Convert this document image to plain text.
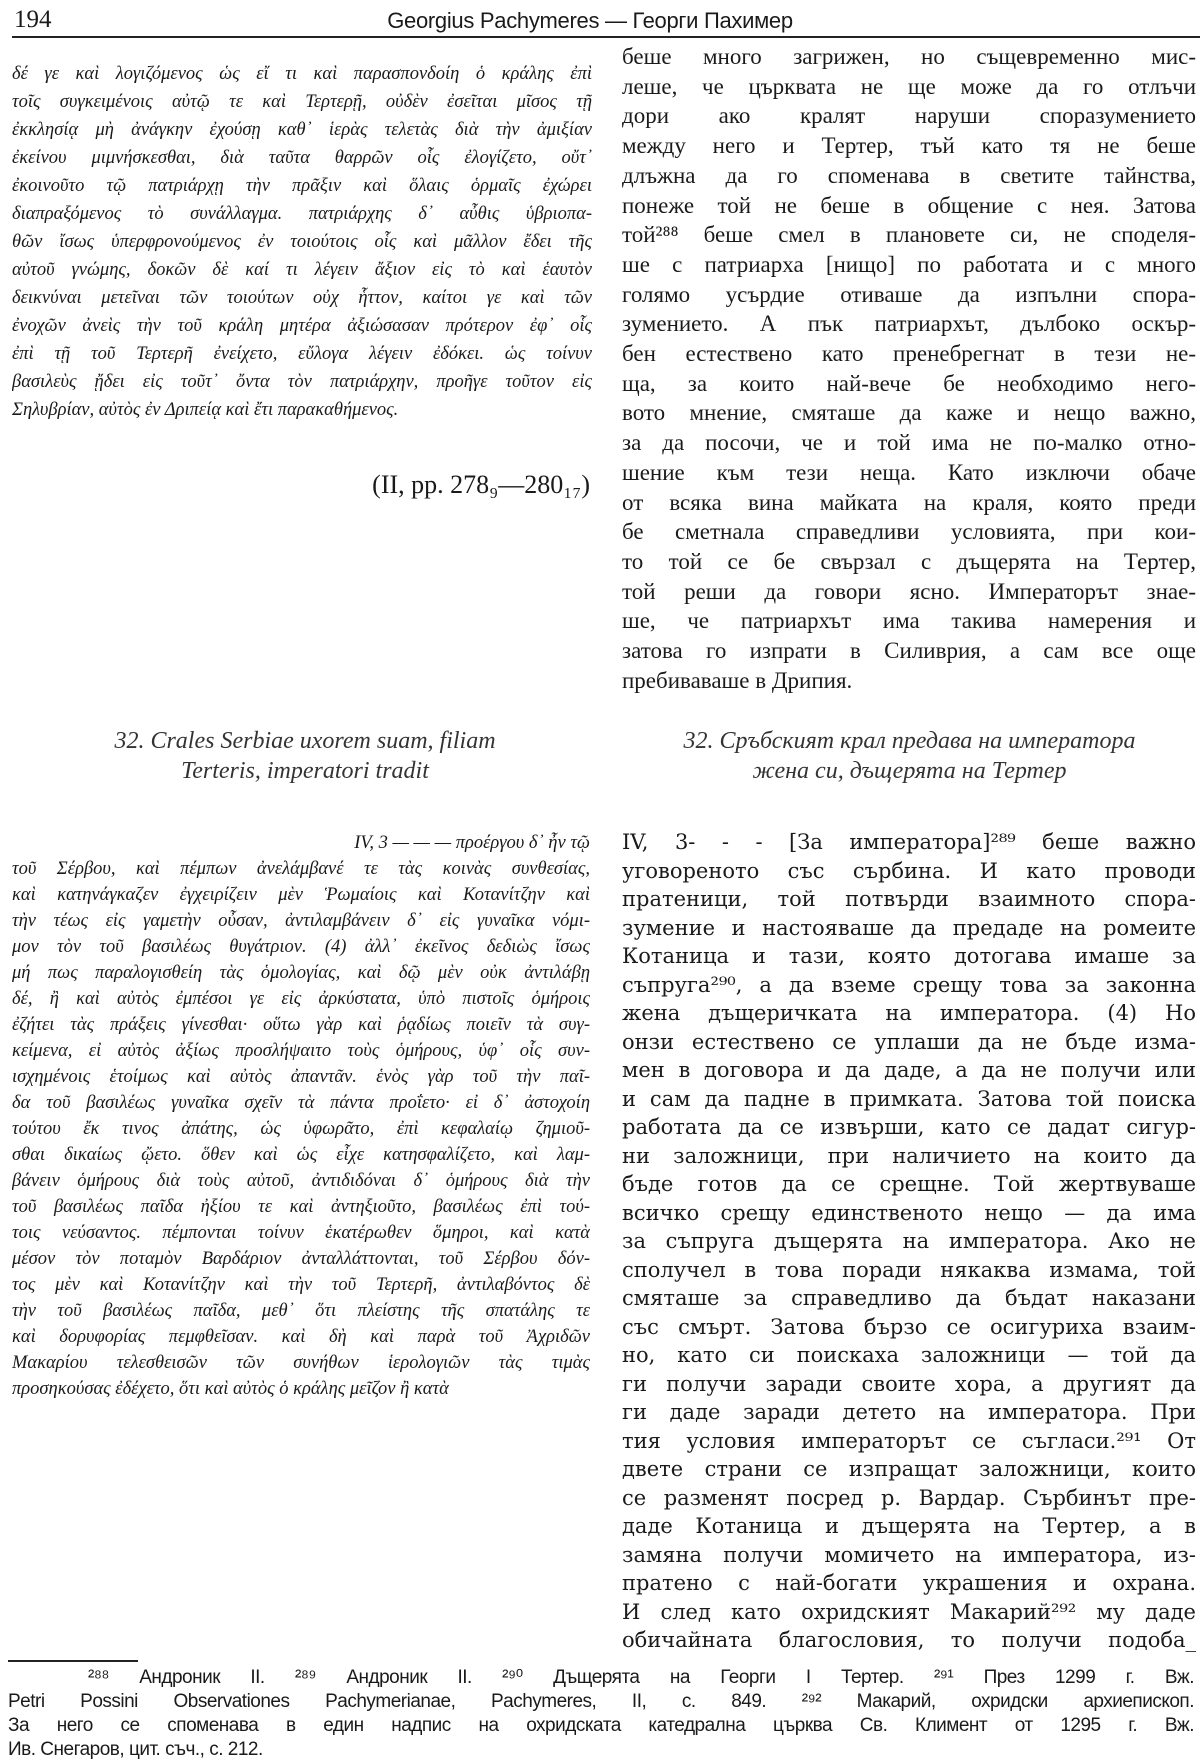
194	Georgius Pachymeres — Георги Пахимер
δέ γε καὶ λογιζόμενος ὡς εἴ τι καὶ παρασπονδοίη ὁ κράλης ἐπὶ
τοῖς συγκειμένοις αὐτῷ τε καὶ Τερτερῇ, οὐδὲν ἐσεῖται μῖσος τῇ
ἐκκλησίᾳ μὴ ἀνάγκην ἐχούσῃ καθ᾽ ἱερὰς τελετὰς διὰ τὴν ἀμιξίαν
ἐκείνου μιμνήσκεσθαι, διὰ ταῦτα θαρρῶν οἷς ἐλογίζετο, οὔτ᾽
ἐκοινοῦτο τῷ πατριάρχῃ τὴν πρᾶξιν καὶ ὅλαις ὁρμαῖς ἐχώρει
διαπραξόμενος τὸ συνάλλαγμα. πατριάρχης δ᾽ αὖθις ὑβριοπα-
θῶν ἴσως ὑπερφρονούμενος ἐν τοιούτοις οἷς καὶ μᾶλλον ἔδει τῆς
αὐτοῦ γνώμης, δοκῶν δὲ καί τι λέγειν ἄξιον εἰς τὸ καὶ ἑαυτὸν
δεικνύναι μετεῖναι τῶν τοιούτων οὐχ ἧττον, καίτοι γε καὶ τῶν
ἐνοχῶν ἀνεὶς τὴν τοῦ κράλη μητέρα ἀξιώσασαν πρότερον ἐφ᾽ οἷς
ἐπὶ τῇ τοῦ Τερτερῆ ἐνείχετο, εὔλογα λέγειν ἐδόκει. ὡς τοίνυν
βασιλεὺς ᾔδει εἰς τοῦτ᾽ ὄντα τὸν πατριάρχην, προῆγε τοῦτον εἰς
Σηλυβρίαν, αὐτὸς ἐν Δριπείᾳ καὶ ἔτι παρακαθήμενος.
(II, pp. 278₉—280₁₇)
беше много загрижен, но същевременно мис-
леше, че църквата не ще може да го отлъчи
дори ако кралят наруши споразумението
между него и Тертер, тъй като тя не беше
длъжна да го споменава в светите тайнства,
понеже той не беше в общение с нея. Затова
той²⁸⁸ беше смел в плановете си, не споделя-
ше с патриарха [нищо] по работата и с много
голямо усърдие отиваше да изпълни спора-
зумението. А пък патриархът, дълбоко оскър-
бен естествено като пренебрегнат в тези не-
ща, за които най-вече бе необходимо него-
вото мнение, смяташе да каже и нещо важно,
за да посочи, че и той има не по-малко отно-
шение към тези неща. Като изключи обаче
от всяка вина майката на краля, която преди
бе сметнала справедливи условията, при кои-
то той се бе свързал с дъщерята на Тертер,
той реши да говори ясно. Императорът знае-
ше, че патриархът има такива намерения и
затова го изпрати в Силиврия, а сам все още
пребиваваше в Дрипия.
32. Crales Serbiae uxorem suam, filiam
Terteris, imperatori tradit
32. Сръбският крал предава на императора
жена си, дъщерята на Тертер
IV, 3 — — — προέργου δ᾽ ἦν τῷ
τοῦ Σέρβου, καὶ πέμπων ἀνελάμβανέ τε τὰς κοινὰς συνθεσίας,
καὶ κατηνάγκαζεν ἐγχειρίζειν μὲν Ῥωμαίοις καὶ Κοτανίτζην καὶ
τὴν τέως εἰς γαμετὴν οὖσαν, ἀντιλαμβάνειν δ᾽ εἰς γυναῖκα νόμι-
μον τὸν τοῦ βασιλέως θυγάτριον. (4) ἀλλ᾽ ἐκεῖνος δεδιὼς ἴσως
μή πως παραλογισθείη τὰς ὁμολογίας, καὶ δῷ μὲν οὐκ ἀντιλάβῃ
δέ, ἢ καὶ αὐτὸς ἐμπέσοι γε εἰς ἀρκύστατα, ὑπὸ πιστοῖς ὁμήροις
ἐζήτει τὰς πράξεις γίνεσθαι· οὕτω γὰρ καὶ ῥᾳδίως ποιεῖν τὰ συγ-
κείμενα, εἰ αὐτὸς ἀξίως προσλήψαιτο τοὺς ὁμήρους, ὑφ᾽ οἷς συν-
ισχημένοις ἑτοίμως καὶ αὐτὸς ἀπαντᾶν. ἑνὸς γὰρ τοῦ τὴν παῖ-
δα τοῦ βασιλέως γυναῖκα σχεῖν τὰ πάντα προΐετο· εἰ δ᾽ ἀστοχοίη
τούτου ἔκ τινος ἀπάτης, ὡς ὑφωρᾶτο, ἐπὶ κεφαλαίῳ ζημιοῦ-
σθαι δικαίως ᾤετο. ὅθεν καὶ ὡς εἶχε κατησφαλίζετο, καὶ λαμ-
βάνειν ὁμήρους διὰ τοὺς αὐτοῦ, ἀντιδιδόναι δ᾽ ὁμήρους διὰ τὴν
τοῦ βασιλέως παῖδα ἠξίου τε καὶ ἀντηξιοῦτο, βασιλέως ἐπὶ τού-
τοις νεύσαντος. πέμπονται τοίνυν ἑκατέρωθεν ὅμηροι, καὶ κατὰ
μέσον τὸν ποταμὸν Βαρδάριον ἀνταλλάττονται, τοῦ Σέρβου δόν-
τος μὲν καὶ Κοτανίτζην καὶ τὴν τοῦ Τερτερῆ, ἀντιλαβόντος δὲ
τὴν τοῦ βασιλέως παῖδα, μεθ᾽ ὅτι πλείστης τῆς σπατάλης τε
καὶ δορυφορίας πεμφθεῖσαν. καὶ δὴ καὶ παρὰ τοῦ Ἀχριδῶν
Μακαρίου τελεσθεισῶν τῶν συνήθων ἱερολογιῶν τὰς τιμὰς
προσηκούσας ἐδέχετο, ὅτι καὶ αὐτὸς ὁ κράλης μεῖζον ἢ κατὰ
IV, 3- - - [За императора]²⁸⁹ беше важно
уговореното със сърбина. И като проводи
пратеници, той потвърди взаимното спора-
зумение и настояваше да предаде на ромеите
Котаница и тази, която дотогава имаше за
съпруга²⁹⁰, а да вземе срещу това за законна
жена дъщеричката на императора. (4) Но
онзи естествено се уплаши да не бъде изма-
мен в договора и да даде, а да не получи или
и сам да падне в примката. Затова той поиска
работата да се извърши, като се дадат сигур-
ни заложници, при наличието на които да
бъде готов да се срещне. Той жертвуваше
всичко срещу единственото нещо — да има
за съпруга дъщерята на императора. Ако не
сполучел в това поради някаква измама, той
смяташе за справедливо да бъдат наказани
със смърт. Затова бързо се осигуриха взаим-
но, като си поискаха заложници — той да
ги получи заради своите хора, а другият да
ги даде заради детето на императора. При
тия условия императорът се съгласи.²⁹¹ От
двете страни се изпращат заложници, които
се разменят посред р. Вардар. Сърбинът пре-
даде Котаница и дъщерята на Тертер, а в
замяна получи момичето на императора, из-
пратено с най-богати украшения и охрана.
И след като охридският Макарий²⁹² му даде
обичайната благословия, то получи подоба_
²⁸⁸ Андроник II. ²⁸⁹ Андроник II. ²⁹⁰ Дъщерята на Георги I Тертер. ²⁹¹ През 1299 г. Вж.
Petri Possini Observationes Pachymerianae, Pachymeres, II, с. 849. ²⁹² Макарий, охридски архиепископ.
За него се споменава в един надпис на охридската катедрална църква Св. Климент от 1295 г. Вж.
Ив. Снегаров, цит. съч., с. 212.
